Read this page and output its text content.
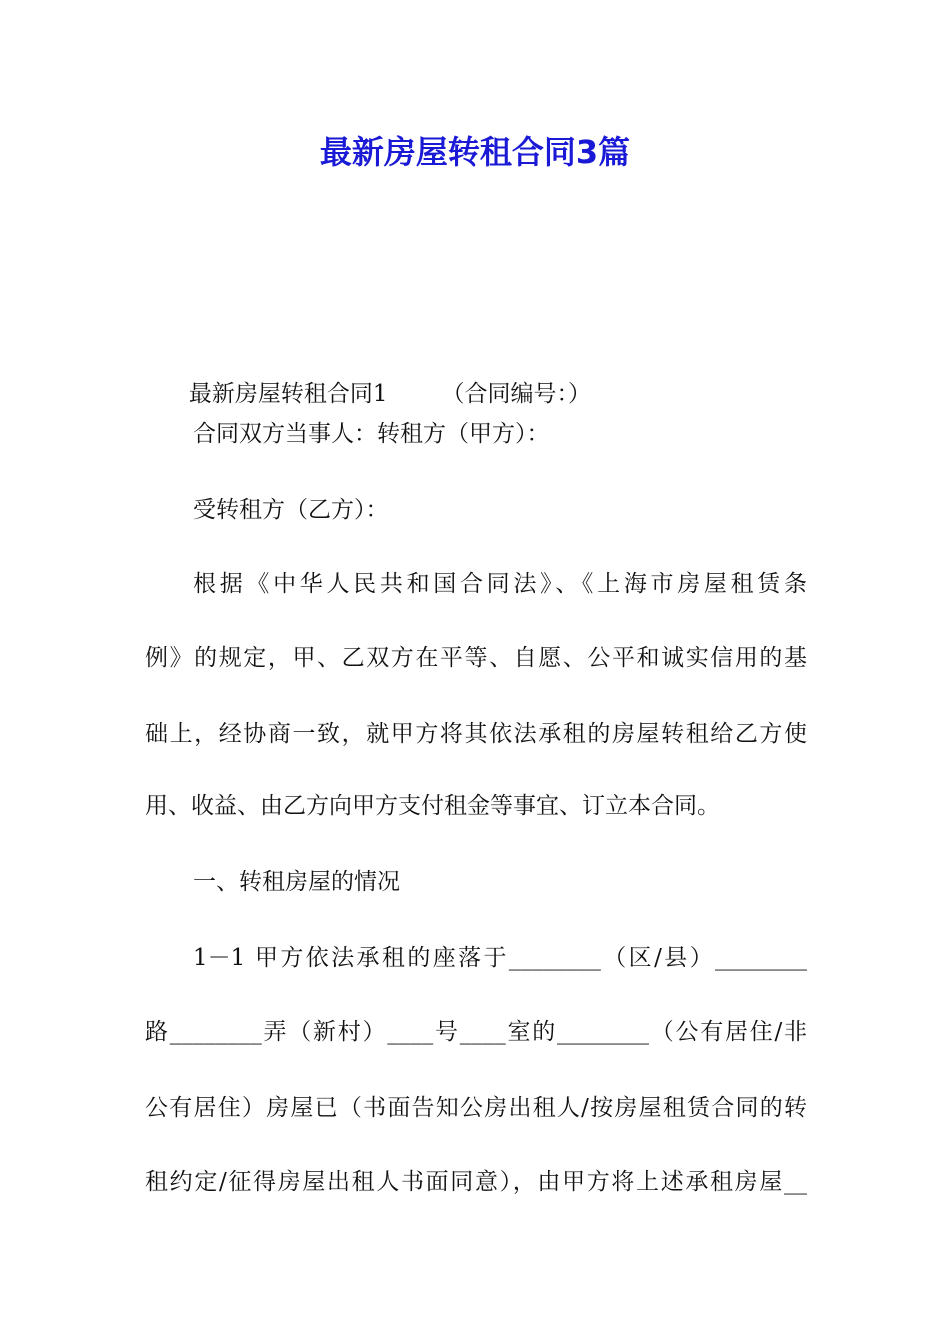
最新房屋转租合同3篇

最新房屋转租合同1 （合同编号：）

合同双方当事人：转租方（甲方）：
受转租方（乙方）：
根据《中华人民共和国合同法》、《上海市房屋租赁条
例》的规定，甲、乙双方在平等、自愿、公平和诚实信用的基
础上，经协商一致，就甲方将其依法承租的房屋转租给乙方使
用、收益、由乙方向甲方支付租金等事宜、订立本合同。
一、转租房屋的情况
1－1 甲方依法承租的座落于________（区/县）________
路________弄（新村）____号____室的________（公有居住/非
公有居住）房屋已（书面告知公房出租人/按房屋租赁合同的转
租约定/征得房屋出租人书面同意），由甲方将上述承租房屋__
